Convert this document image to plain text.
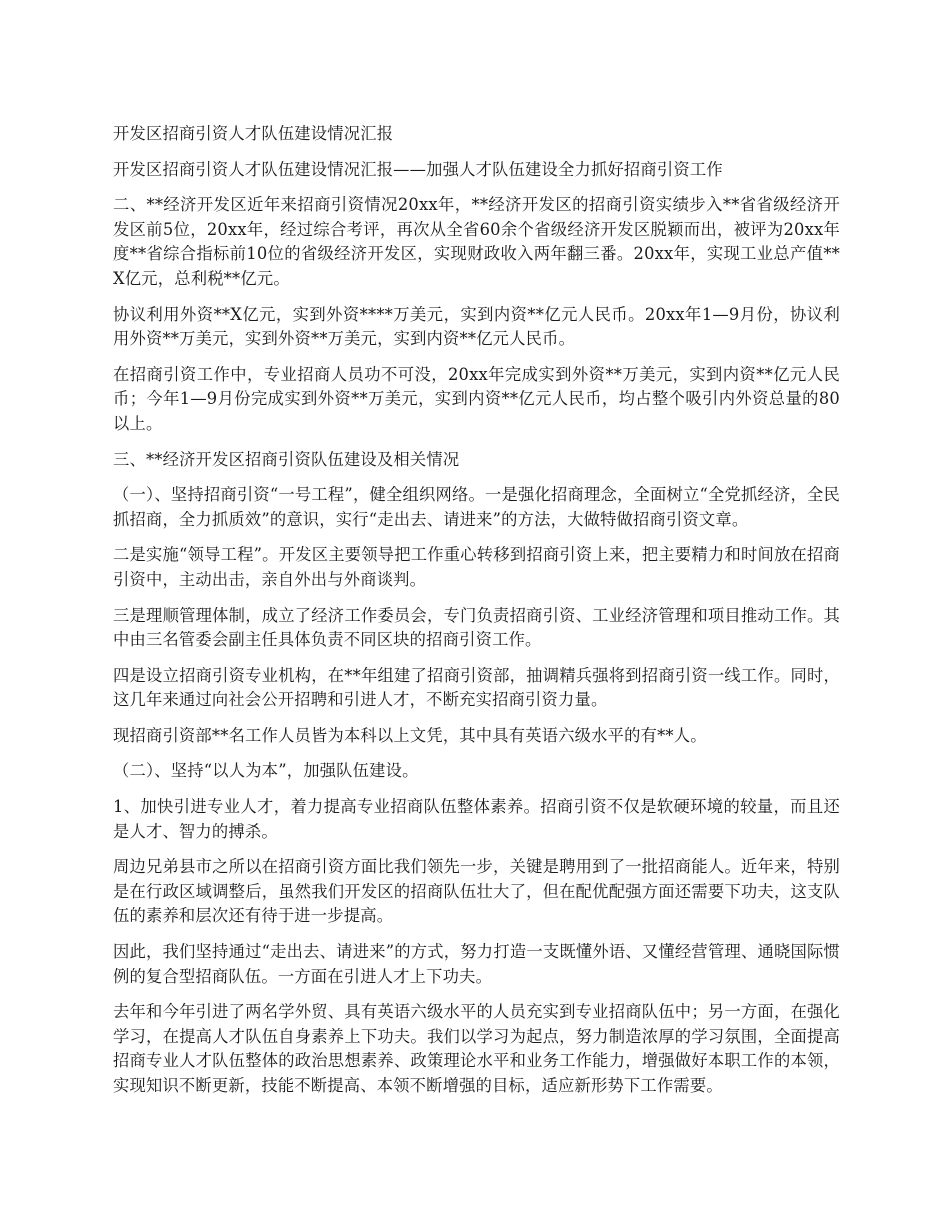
开发区招商引资人才队伍建设情况汇报

开发区招商引资人才队伍建设情况汇报——加强人才队伍建设全力抓好招商引资工作

二、**经济开发区近年来招商引资情况20xx年，**经济开发区的招商引资实绩步入**省省级经济开发区前5位，20xx年，经过综合考评，再次从全省60余个省级经济开发区脱颖而出，被评为20xx年度**省综合指标前10位的省级经济开发区，实现财政收入两年翻三番。20xx年，实现工业总产值**X亿元，总利税**亿元。

协议利用外资**X亿元，实到外资****万美元，实到内资**亿元人民币。20xx年1—9月份，协议利用外资**万美元，实到外资**万美元，实到内资**亿元人民币。

在招商引资工作中，专业招商人员功不可没，20xx年完成实到外资**万美元，实到内资**亿元人民币；今年1—9月份完成实到外资**万美元，实到内资**亿元人民币，均占整个吸引内外资总量的80以上。

三、**经济开发区招商引资队伍建设及相关情况

（一）、坚持招商引资“一号工程”，健全组织网络。一是强化招商理念，全面树立“全党抓经济，全民抓招商，全力抓质效”的意识，实行“走出去、请进来”的方法，大做特做招商引资文章。

二是实施“领导工程”。开发区主要领导把工作重心转移到招商引资上来，把主要精力和时间放在招商引资中，主动出击，亲自外出与外商谈判。

三是理顺管理体制，成立了经济工作委员会，专门负责招商引资、工业经济管理和项目推动工作。其中由三名管委会副主任具体负责不同区块的招商引资工作。

四是设立招商引资专业机构，在**年组建了招商引资部，抽调精兵强将到招商引资一线工作。同时，这几年来通过向社会公开招聘和引进人才，不断充实招商引资力量。

现招商引资部**名工作人员皆为本科以上文凭，其中具有英语六级水平的有**人。

（二）、坚持“以人为本”，加强队伍建设。

1、加快引进专业人才，着力提高专业招商队伍整体素养。招商引资不仅是软硬环境的较量，而且还是人才、智力的搏杀。

周边兄弟县市之所以在招商引资方面比我们领先一步，关键是聘用到了一批招商能人。近年来，特别是在行政区域调整后，虽然我们开发区的招商队伍壮大了，但在配优配强方面还需要下功夫，这支队伍的素养和层次还有待于进一步提高。

因此，我们坚持通过“走出去、请进来”的方式，努力打造一支既懂外语、又懂经营管理、通晓国际惯例的复合型招商队伍。一方面在引进人才上下功夫。

去年和今年引进了两名学外贸、具有英语六级水平的人员充实到专业招商队伍中；另一方面，在强化学习，在提高人才队伍自身素养上下功夫。我们以学习为起点，努力制造浓厚的学习氛围，全面提高招商专业人才队伍整体的政治思想素养、政策理论水平和业务工作能力，增强做好本职工作的本领，实现知识不断更新，技能不断提高、本领不断增强的目标，适应新形势下工作需要。
